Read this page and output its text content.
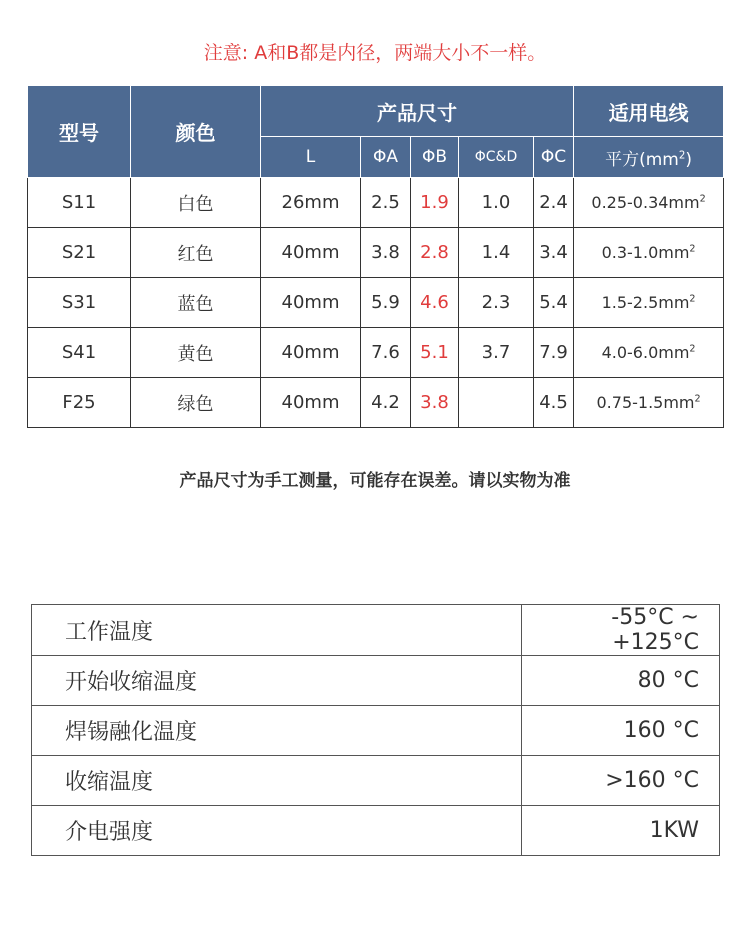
注意: A和B都是内径，两端大小不一样。
型号	颜色	产品尺寸					适用电线
		L	ΦA	ΦB	ΦC&D	ΦC	平方$(mm^2)$
S11	白色	26mm	2.5	1.9	1.0	2.4	$0.25-0.34mm^2$
S21	红色	40mm	3.8	2.8	1.4	3.4	$0.3-1.0mm^2$
S31	蓝色	40mm	5.9	4.6	2.3	5.4	$1.5-2.5mm^2$
S41	黄色	40mm	7.6	5.1	3.7	7.9	$4.0-6.0mm^2$
F25	绿色	40mm	4.2	3.8		4.5	$0.75-1.5mm^2$
产品尺寸为手工测量，可能存在误差。请以实物为准
工作温度	-55°C ~ +125°C
开始收缩温度	80 °C
焊锡融化温度	160 °C
收缩温度	>160 °C
介电强度	1KW
